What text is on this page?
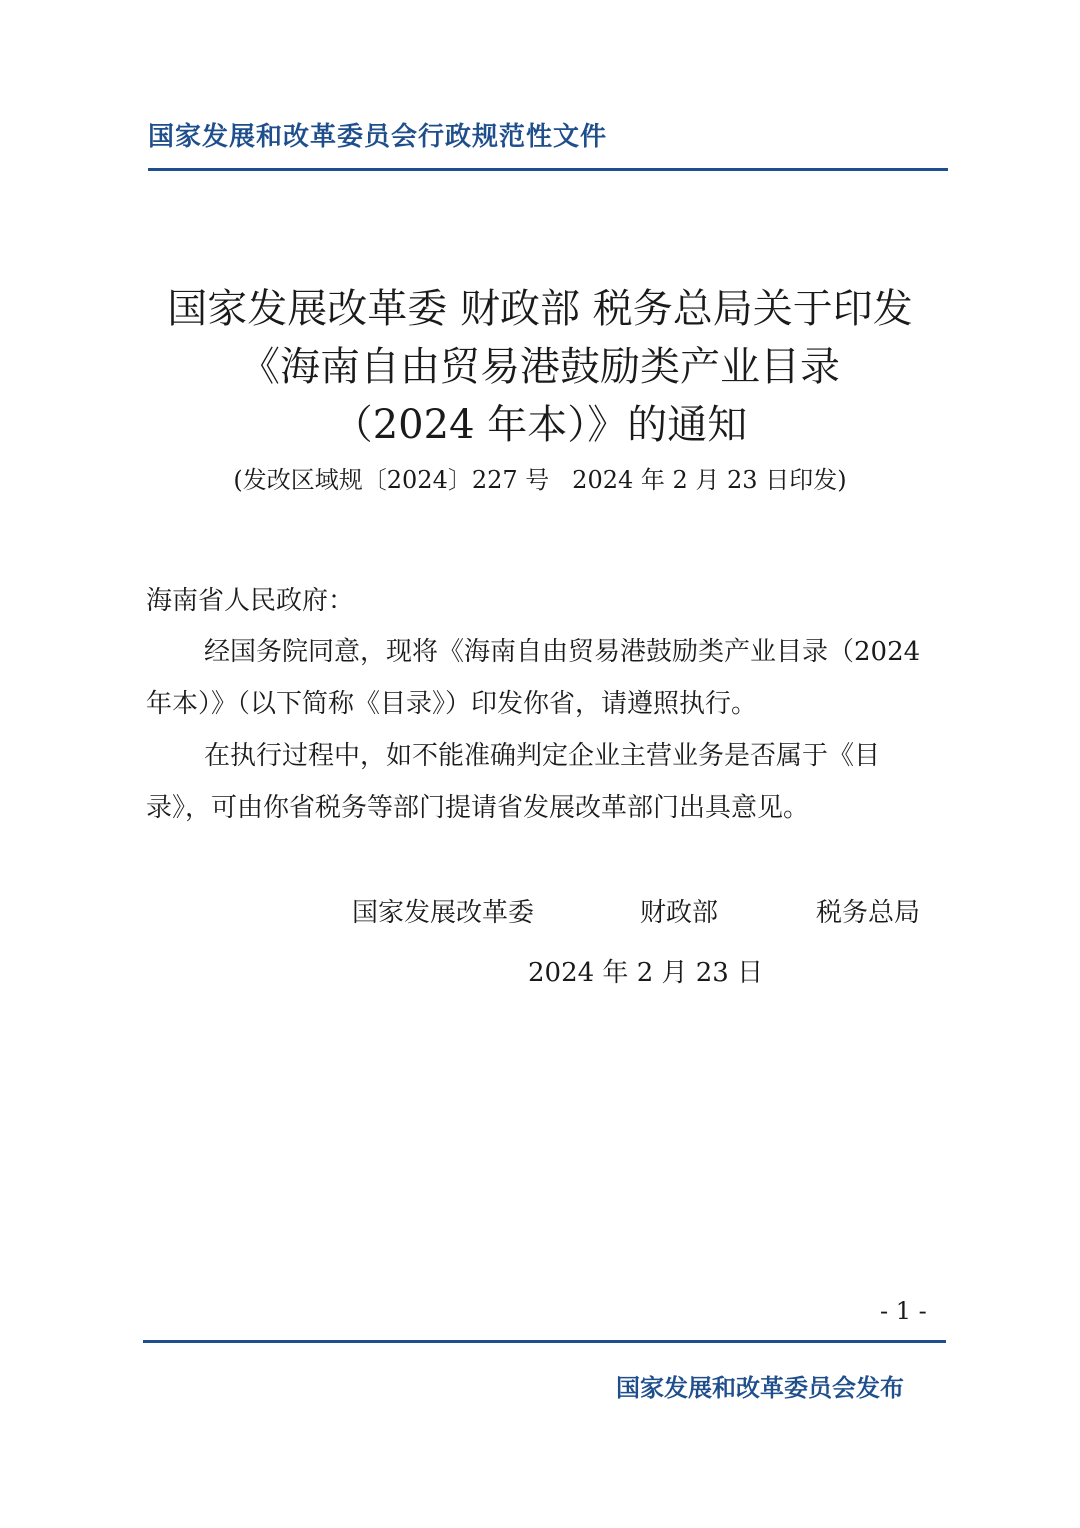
国家发展和改革委员会行政规范性文件
国家发展改革委 财政部 税务总局关于印发
《海南自由贸易港鼓励类产业目录
（2024 年本）》的通知
(发改区域规〔2024〕227 号   2024 年 2 月 23 日印发)
海南省人民政府：
经国务院同意，现将《海南自由贸易港鼓励类产业目录（2024
年本）》（以下简称《目录》）印发你省，请遵照执行。
在执行过程中，如不能准确判定企业主营业务是否属于《目
录》，可由你省税务等部门提请省发展改革部门出具意见。
国家发展改革委	财政部	税务总局
2024 年 2 月 23 日
- 1 -
国家发展和改革委员会发布
